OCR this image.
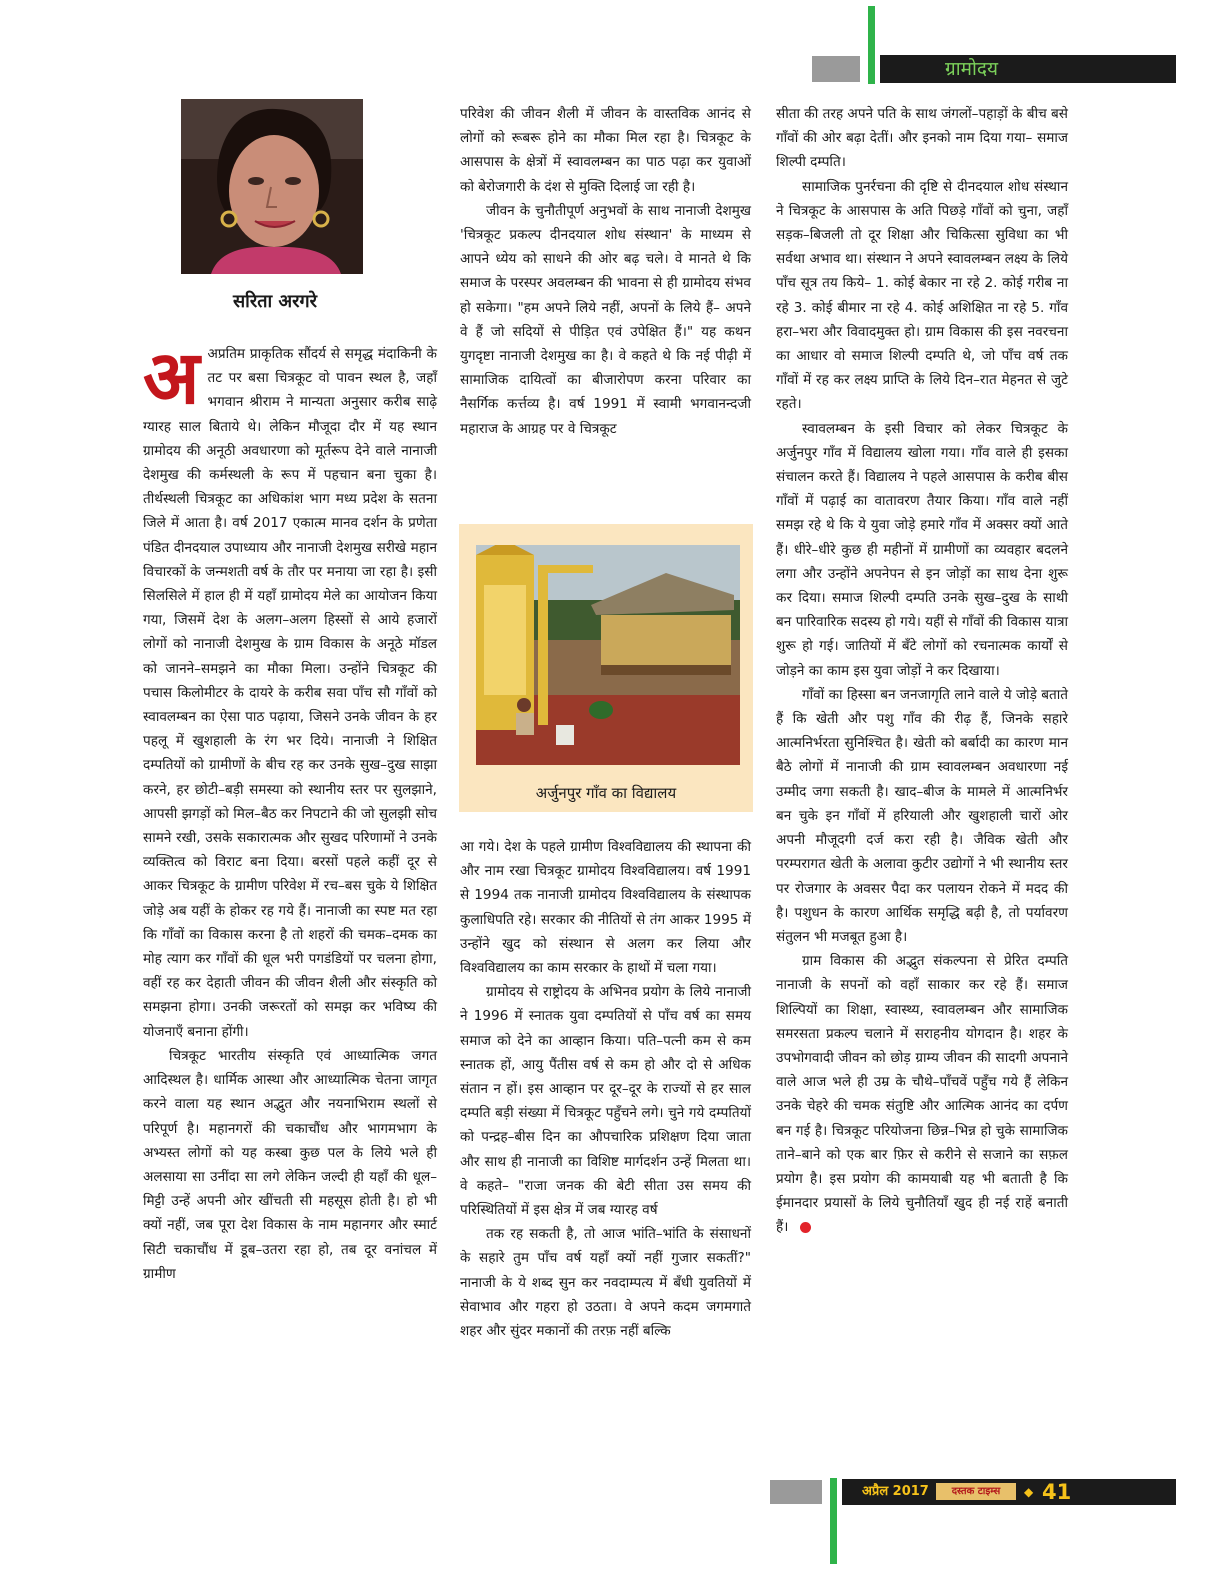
ग्रामोदय
सरिता अरगरे
अ अप्रतिम प्राकृतिक सौंदर्य से समृद्ध मंदाकिनी के तट पर बसा चित्रकूट वो पावन स्थल है, जहाँ भगवान श्रीराम ने मान्यता अनुसार करीब साढ़े ग्यारह साल बिताये थे। लेकिन मौजूदा दौर में यह स्थान ग्रामोदय की अनूठी अवधारणा को मूर्तरूप देने वाले नानाजी देशमुख की कर्मस्थली के रूप में पहचान बना चुका है। तीर्थस्थली चित्रकूट का अधिकांश भाग मध्य प्रदेश के सतना जिले में आता है। वर्ष 2017 एकात्म मानव दर्शन के प्रणेता पंडित दीनदयाल उपाध्याय और नानाजी देशमुख सरीखे महान विचारकों के जन्मशती वर्ष के तौर पर मनाया जा रहा है। इसी सिलसिले में हाल ही में यहाँ ग्रामोदय मेले का आयोजन किया गया, जिसमें देश के अलग–अलग हिस्सों से आये हजारों लोगों को नानाजी देशमुख के ग्राम विकास के अनूठे मॉडल को जानने–समझने का मौका मिला। उन्होंने चित्रकूट की पचास किलोमीटर के दायरे के करीब सवा पाँच सौ गाँवों को स्वावलम्बन का ऐसा पाठ पढ़ाया, जिसने उनके जीवन के हर पहलू में खुशहाली के रंग भर दिये। नानाजी ने शिक्षित दम्पतियों को ग्रामीणों के बीच रह कर उनके सुख–दुख साझा करने, हर छोटी–बड़ी समस्या को स्थानीय स्तर पर सुलझाने, आपसी झगड़ों को मिल–बैठ कर निपटाने की जो सुलझी सोच सामने रखी, उसके सकारात्मक और सुखद परिणामों ने उनके व्यक्तित्व को विराट बना दिया। बरसों पहले कहीं दूर से आकर चित्रकूट के ग्रामीण परिवेश में रच–बस चुके ये शिक्षित जोड़े अब यहीं के होकर रह गये हैं। नानाजी का स्पष्ट मत रहा कि गाँवों का विकास करना है तो शहरों की चमक–दमक का मोह त्याग कर गाँवों की धूल भरी पगडंडियों पर चलना होगा, वहीं रह कर देहाती जीवन की जीवन शैली और संस्कृति को समझना होगा। उनकी जरूरतों को समझ कर भविष्य की योजनाएँ बनाना होंगी।

चित्रकूट भारतीय संस्कृति एवं आध्यात्मिक जगत आदिस्थल है। धार्मिक आस्था और आध्यात्मिक चेतना जागृत करने वाला यह स्थान अद्भुत और नयनाभिराम स्थलों से परिपूर्ण है। महानगरों की चकाचौंध और भागमभाग के अभ्यस्त लोगों को यह कस्बा कुछ पल के लिये भले ही अलसाया सा उनींदा सा लगे लेकिन जल्दी ही यहाँ की धूल–मिट्टी उन्हें अपनी ओर खींचती सी महसूस होती है। हो भी क्यों नहीं, जब पूरा देश विकास के नाम महानगर और स्मार्ट सिटी चकाचौंध में डूब–उतरा रहा हो, तब दूर वनांचल में ग्रामीण

परिवेश की जीवन शैली में जीवन के वास्तविक आनंद से लोगों को रूबरू होने का मौका मिल रहा है। चित्रकूट के आसपास के क्षेत्रों में स्वावलम्बन का पाठ पढ़ा कर युवाओं को बेरोजगारी के दंश से मुक्ति दिलाई जा रही है।

जीवन के चुनौतीपूर्ण अनुभवों के साथ नानाजी देशमुख 'चित्रकूट प्रकल्प दीनदयाल शोध संस्थान' के माध्यम से आपने ध्येय को साधने की ओर बढ़ चले। वे मानते थे कि समाज के परस्पर अवलम्बन की भावना से ही ग्रामोदय संभव हो सकेगा। "हम अपने लिये नहीं, अपनों के लिये हैं– अपने वे हैं जो सदियों से पीड़ित एवं उपेक्षित हैं।" यह कथन युगदृष्टा नानाजी देशमुख का है। वे कहते थे कि नई पीढ़ी में सामाजिक दायित्वों का बीजारोपण करना परिवार का नैसर्गिक कर्त्तव्य है। वर्ष 1991 में स्वामी भगवानन्दजी महाराज के आग्रह पर वे चित्रकूट

अर्जुनपुर गाँव का विद्यालय

आ गये। देश के पहले ग्रामीण विश्वविद्यालय की स्थापना की और नाम रखा चित्रकूट ग्रामोदय विश्वविद्यालय। वर्ष 1991 से 1994 तक नानाजी ग्रामोदय विश्वविद्यालय के संस्थापक कुलाधिपति रहे। सरकार की नीतियों से तंग आकर 1995 में उन्होंने खुद को संस्थान से अलग कर लिया और विश्वविद्यालय का काम सरकार के हाथों में चला गया।

ग्रामोदय से राष्ट्रोदय के अभिनव प्रयोग के लिये नानाजी ने 1996 में स्नातक युवा दम्पतियों से पाँच वर्ष का समय समाज को देने का आव्हान किया। पति–पत्नी कम से कम स्नातक हों, आयु पैंतीस वर्ष से कम हो और दो से अधिक संतान न हों। इस आव्हान पर दूर–दूर के राज्यों से हर साल दम्पति बड़ी संख्या में चित्रकूट पहुँचने लगे। चुने गये दम्पतियों को पन्द्रह–बीस दिन का औपचारिक प्रशिक्षण दिया जाता और साथ ही नानाजी का विशिष्ट मार्गदर्शन उन्हें मिलता था। वे कहते– "राजा जनक की बेटी सीता उस समय की परिस्थितियों में इस क्षेत्र में जब ग्यारह वर्ष

तक रह सकती है, तो आज भांति–भांति के संसाधनों के सहारे तुम पाँच वर्ष यहाँ क्यों नहीं गुजार सकतीं?" नानाजी के ये शब्द सुन कर नवदाम्पत्य में बँधी युवतियों में सेवाभाव और गहरा हो उठता। वे अपने कदम जगमगाते शहर और सुंदर मकानों की तरफ़ नहीं बल्कि

सीता की तरह अपने पति के साथ जंगलों–पहाड़ों के बीच बसे गाँवों की ओर बढ़ा देतीं। और इनको नाम दिया गया– समाज शिल्पी दम्पति।

सामाजिक पुनर्रचना की दृष्टि से दीनदयाल शोध संस्थान ने चित्रकूट के आसपास के अति पिछड़े गाँवों को चुना, जहाँ सड़क–बिजली तो दूर शिक्षा और चिकित्सा सुविधा का भी सर्वथा अभाव था। संस्थान ने अपने स्वावलम्बन लक्ष्य के लिये पाँच सूत्र तय किये– 1. कोई बेकार ना रहे 2. कोई गरीब ना रहे 3. कोई बीमार ना रहे 4. कोई अशिक्षित ना रहे 5. गाँव हरा–भरा और विवादमुक्त हो। ग्राम विकास की इस नवरचना का आधार वो समाज शिल्पी दम्पति थे, जो पाँच वर्ष तक गाँवों में रह कर लक्ष्य प्राप्ति के लिये दिन–रात मेहनत से जुटे रहते।

स्वावलम्बन के इसी विचार को लेकर चित्रकूट के अर्जुनपुर गाँव में विद्यालय खोला गया। गाँव वाले ही इसका संचालन करते हैं। विद्यालय ने पहले आसपास के करीब बीस गाँवों में पढ़ाई का वातावरण तैयार किया। गाँव वाले नहीं समझ रहे थे कि ये युवा जोड़े हमारे गाँव में अक्सर क्यों आते हैं। धीरे–धीरे कुछ ही महीनों में ग्रामीणों का व्यवहार बदलने लगा और उन्होंने अपनेपन से इन जोड़ों का साथ देना शुरू कर दिया। समाज शिल्पी दम्पति उनके सुख–दुख के साथी बन पारिवारिक सदस्य हो गये। यहीं से गाँवों की विकास यात्रा शुरू हो गई। जातियों में बँटे लोगों को रचनात्मक कार्यों से जोड़ने का काम इस युवा जोड़ों ने कर दिखाया।

गाँवों का हिस्सा बन जनजागृति लाने वाले ये जोड़े बताते हैं कि खेती और पशु गाँव की रीढ़ हैं, जिनके सहारे आत्मनिर्भरता सुनिश्चित है। खेती को बर्बादी का कारण मान बैठे लोगों में नानाजी की ग्राम स्वावलम्बन अवधारणा नई उम्मीद जगा सकती है। खाद–बीज के मामले में आत्मनिर्भर बन चुके इन गाँवों में हरियाली और खुशहाली चारों ओर अपनी मौजूदगी दर्ज करा रही है। जैविक खेती और परम्परागत खेती के अलावा कुटीर उद्योगों ने भी स्थानीय स्तर पर रोजगार के अवसर पैदा कर पलायन रोकने में मदद की है। पशुधन के कारण आर्थिक समृद्धि बढ़ी है, तो पर्यावरण संतुलन भी मजबूत हुआ है।

ग्राम विकास की अद्भुत संकल्पना से प्रेरित दम्पति नानाजी के सपनों को वहाँ साकार कर रहे हैं। समाज शिल्पियों का शिक्षा, स्वास्थ्य, स्वावलम्बन और सामाजिक समरसता प्रकल्प चलाने में सराहनीय योगदान है। शहर के उपभोगवादी जीवन को छोड़ ग्राम्य जीवन की सादगी अपनाने वाले आज भले ही उम्र के चौथे–पाँचवें पहुँच गये हैं लेकिन उनके चेहरे की चमक संतुष्टि और आत्मिक आनंद का दर्पण बन गई है। चित्रकूट परियोजना छिन्न–भिन्न हो चुके सामाजिक ताने–बाने को एक बार फ़िर से करीने से सजाने का सफ़ल प्रयोग है। इस प्रयोग की कामयाबी यह भी बताती है कि ईमानदार प्रयासों के लिये चुनौतियाँ खुद ही नई राहें बनाती हैं।

अप्रैल 2017	दस्तक टाइम्स	◆ 41
